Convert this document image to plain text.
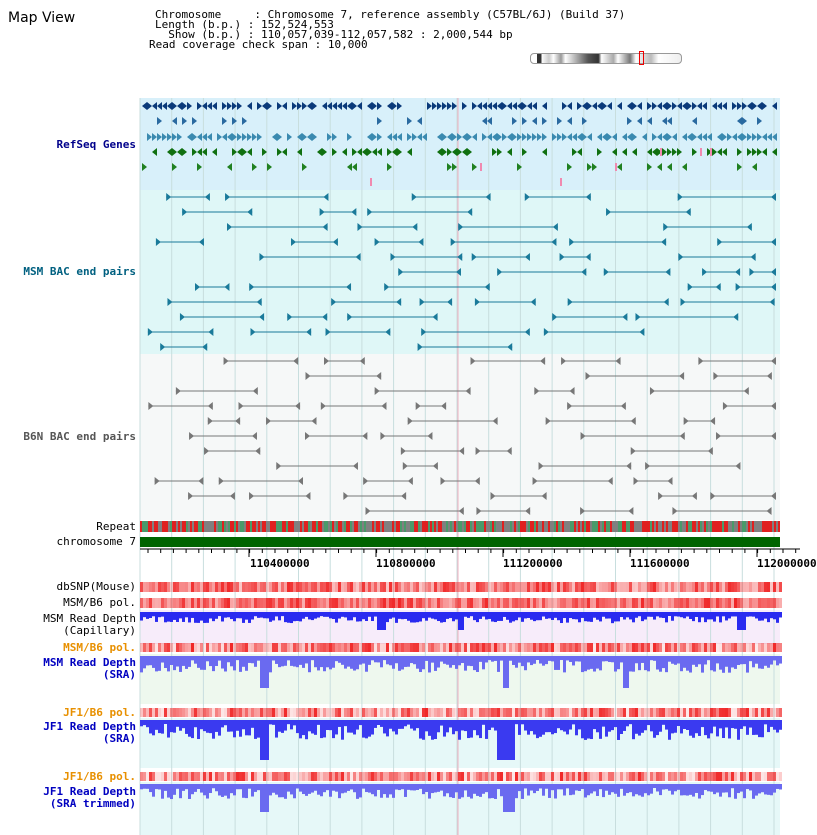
Map View	Chromosome     : Chromosome 7, reference assembly (C57BL/6J) (Build 37)
Length (b.p.) : 152,524,553
Show (b.p.) : 110,057,039-112,057,582 : 2,000,544 bp
Read coverage check span : 10,000
RefSeq Genes
MSM BAC end pairs
B6N BAC end pairs
Repeat
chromosome 7
dbSNP(Mouse)
MSM/B6 pol.
MSM Read Depth
(Capillary)
MSM/B6 pol.
MSM Read Depth
(SRA)
JF1/B6 pol.
JF1 Read Depth
(SRA)
JF1/B6 pol.
JF1 Read Depth
(SRA trimmed)
110400000	110800000	111200000	111600000	112000000
